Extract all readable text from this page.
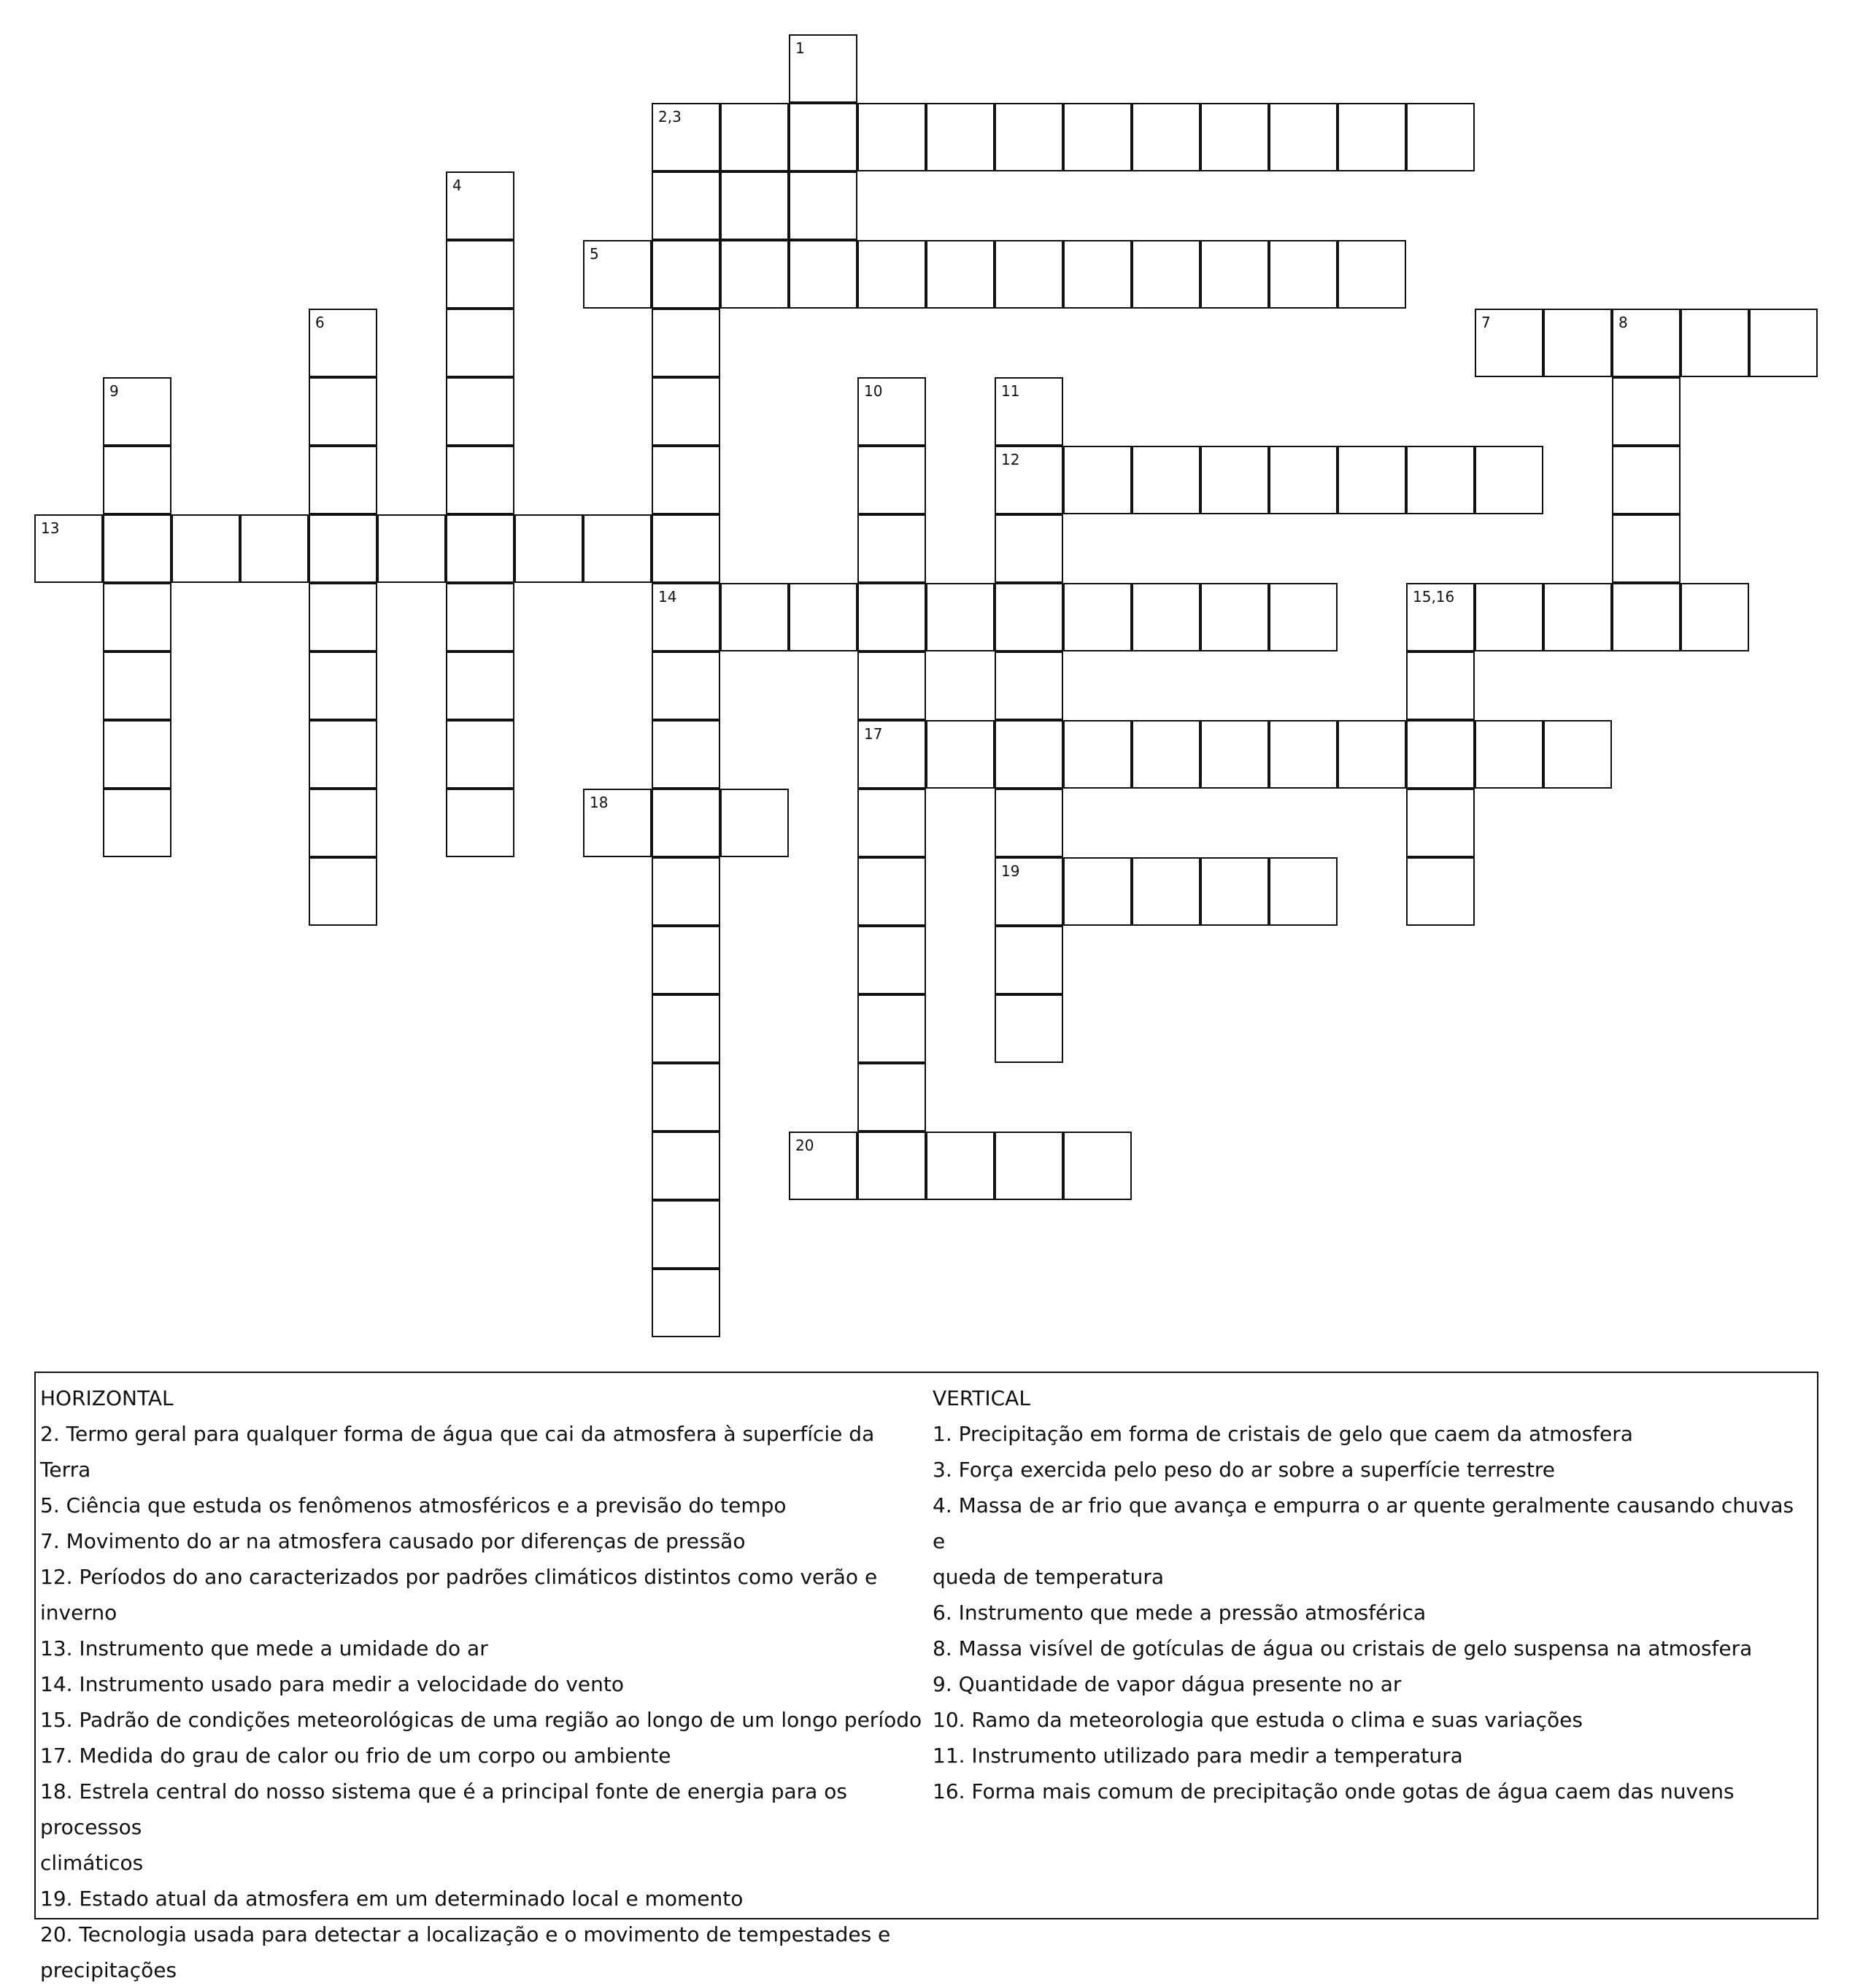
1
2,3
4
5
6	7	8
9	10	11
12
13
14	15,16
17
18
19
20

HORIZONTAL

2. Termo geral para qualquer forma de água que cai da atmosfera à superfície da Terra

5. Ciência que estuda os fenômenos atmosféricos e a previsão do tempo

7. Movimento do ar na atmosfera causado por diferenças de pressão

12. Períodos do ano caracterizados por padrões climáticos distintos como verão e inverno

13. Instrumento que mede a umidade do ar

14. Instrumento usado para medir a velocidade do vento

15. Padrão de condições meteorológicas de uma região ao longo de um longo período

17. Medida do grau de calor ou frio de um corpo ou ambiente

18. Estrela central do nosso sistema que é a principal fonte de energia para os processos

climáticos

19. Estado atual da atmosfera em um determinado local e momento

20. Tecnologia usada para detectar a localização e o movimento de tempestades e

precipitações

VERTICAL

1. Precipitação em forma de cristais de gelo que caem da atmosfera

3. Força exercida pelo peso do ar sobre a superfície terrestre

4. Massa de ar frio que avança e empurra o ar quente geralmente causando chuvas e

queda de temperatura

6. Instrumento que mede a pressão atmosférica

8. Massa visível de gotículas de água ou cristais de gelo suspensa na atmosfera

9. Quantidade de vapor dágua presente no ar

10. Ramo da meteorologia que estuda o clima e suas variações

11. Instrumento utilizado para medir a temperatura

16. Forma mais comum de precipitação onde gotas de água caem das nuvens
